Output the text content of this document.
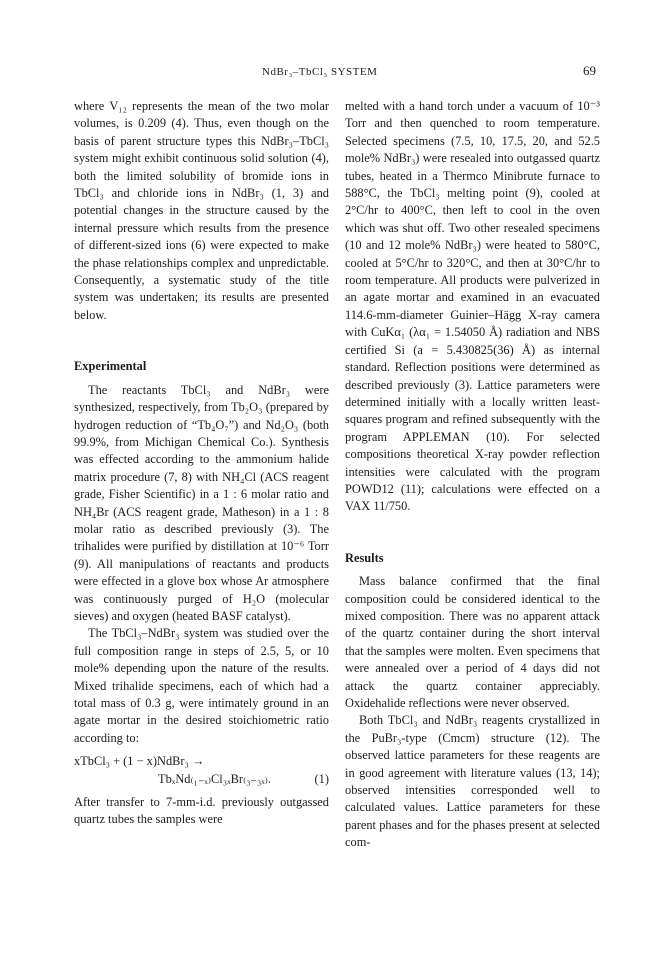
NdBr₃–TbCl₃ SYSTEM	69

where V₁₂ represents the mean of the two molar volumes, is 0.209 (4). Thus, even though on the basis of parent structure types this NdBr₃–TbCl₃ system might exhibit continuous solid solution (4), both the limited solubility of bromide ions in TbCl₃ and chloride ions in NdBr₃ (1, 3) and potential changes in the structure caused by the internal pressure which results from the presence of different-sized ions (6) were expected to make the phase relationships complex and unpredictable. Consequently, a systematic study of the title system was undertaken; its results are presented below.

Experimental

The reactants TbCl₃ and NdBr₃ were synthesized, respectively, from Tb₂O₃ (prepared by hydrogen reduction of “Tb₄O₇”) and Nd₂O₃ (both 99.9%, from Michigan Chemical Co.). Synthesis was effected according to the ammonium halide matrix procedure (7, 8) with NH₄Cl (ACS reagent grade, Fisher Scientific) in a 1 : 6 molar ratio and NH₄Br (ACS reagent grade, Matheson) in a 1 : 8 molar ratio as described previously (3). The trihalides were purified by distillation at 10⁻⁶ Torr (9). All manipulations of reactants and products were effected in a glove box whose Ar atmosphere was continuously purged of H₂O (molecular sieves) and oxygen (heated BASF catalyst).

The TbCl₃–NdBr₃ system was studied over the full composition range in steps of 2.5, 5, or 10 mole% depending upon the nature of the results. Mixed trihalide specimens, each of which had a total mass of 0.3 g, were intimately ground in an agate mortar in the desired stoichiometric ratio according to:

xTbCl₃ + (1 − x)NdBr₃ →
TbₓNd₍₁₋ₓ₎Cl₃ₓBr₍₃₋₃ₓ₎.	(1)

After transfer to 7-mm-i.d. previously outgassed quartz tubes the samples were

melted with a hand torch under a vacuum of 10⁻³ Torr and then quenched to room temperature. Selected specimens (7.5, 10, 17.5, 20, and 52.5 mole% NdBr₃) were resealed into outgassed quartz tubes, heated in a Thermco Minibrute furnace to 588°C, the TbCl₃ melting point (9), cooled at 2°C/hr to 400°C, then left to cool in the oven which was shut off. Two other resealed specimens (10 and 12 mole% NdBr₃) were heated to 580°C, cooled at 5°C/hr to 320°C, and then at 30°C/hr to room temperature. All products were pulverized in an agate mortar and examined in an evacuated 114.6-mm-diameter Guinier–Hägg X-ray camera with CuKα₁ (λα₁ = 1.54050 Å) radiation and NBS certified Si (a = 5.430825(36) Å) as internal standard. Reflection positions were determined as described previously (3). Lattice parameters were determined initially with a locally written least-squares program and refined subsequently with the program APPLEMAN (10). For selected compositions theoretical X-ray powder reflection intensities were calculated with the program POWD12 (11); calculations were effected on a VAX 11/750.

Results

Mass balance confirmed that the final composition could be considered identical to the mixed composition. There was no apparent attack of the quartz container during the short interval that the samples were molten. Even specimens that were annealed over a period of 4 days did not attack the quartz container appreciably. Oxidehalide reflections were never observed.

Both TbCl₃ and NdBr₃ reagents crystallized in the PuBr₃-type (Cmcm) structure (12). The observed lattice parameters for these reagents are in good agreement with literature values (13, 14); observed intensities corresponded well to calculated values. Lattice parameters for these parent phases and for the phases present at selected com-
